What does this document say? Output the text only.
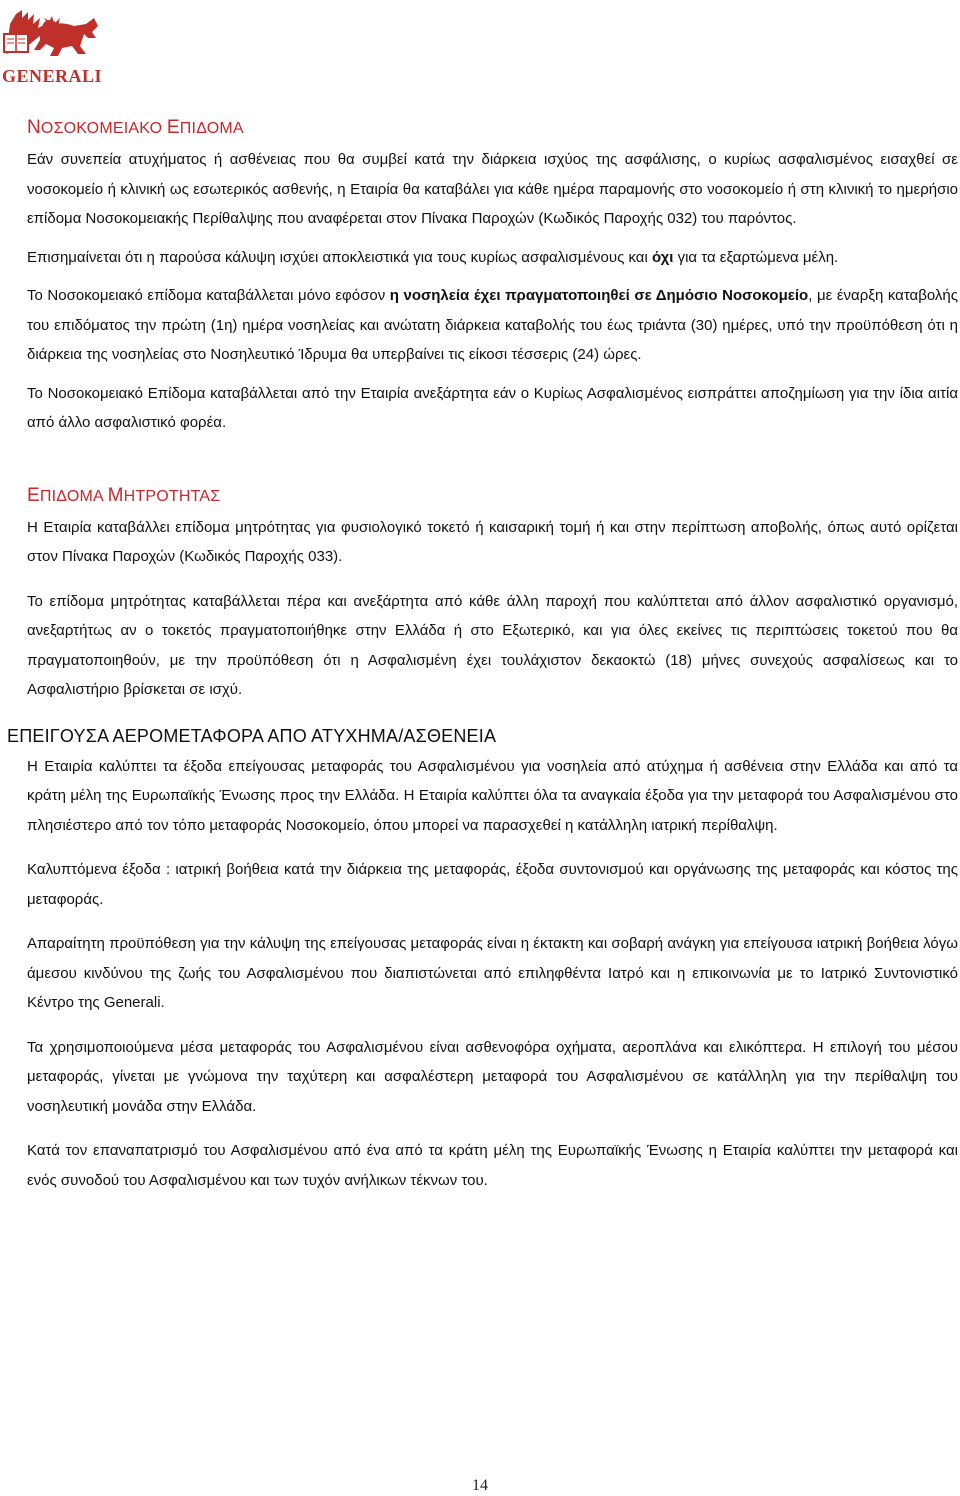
GENERALI
ΝΟΣΟΚΟΜΕΙΑΚΟ ΕΠΙΔΟΜΑ

Εάν συνεπεία ατυχήματος ή ασθένειας που θα συμβεί κατά την διάρκεια ισχύος της ασφάλισης, ο κυρίως ασφαλισμένος εισαχθεί σε νοσοκομείο ή κλινική ως εσωτερικός ασθενής, η Εταιρία θα καταβάλει για κάθε ημέρα παραμονής στο νοσοκομείο ή στη κλινική το ημερήσιο επίδομα Νοσοκομειακής Περίθαλψης που αναφέρεται στον Πίνακα Παροχών (Κωδικός Παροχής 032) του παρόντος.

Επισημαίνεται ότι η παρούσα κάλυψη ισχύει αποκλειστικά για τους κυρίως ασφαλισμένους και όχι για τα εξαρτώμενα μέλη.

Το Νοσοκομειακό επίδομα καταβάλλεται μόνο εφόσον η νοσηλεία έχει πραγματοποιηθεί σε Δημόσιο Νοσοκομείο, με έναρξη καταβολής του επιδόματος την πρώτη (1η) ημέρα νοσηλείας και ανώτατη διάρκεια καταβολής του έως τριάντα (30) ημέρες, υπό την προϋπόθεση ότι η διάρκεια της νοσηλείας στο Νοσηλευτικό Ίδρυμα θα υπερβαίνει τις είκοσι τέσσερις (24) ώρες.

Το Νοσοκομειακό Επίδομα καταβάλλεται από την Εταιρία ανεξάρτητα εάν ο Κυρίως Ασφαλισμένος εισπράττει αποζημίωση για την ίδια αιτία από άλλο ασφαλιστικό φορέα.

ΕΠΙΔΟΜΑ ΜΗΤΡΟΤΗΤΑΣ

Η Εταιρία καταβάλλει επίδομα μητρότητας για φυσιολογικό τοκετό ή καισαρική τομή ή και στην περίπτωση αποβολής, όπως αυτό ορίζεται στον Πίνακα Παροχών (Κωδικός Παροχής 033).

Το επίδομα μητρότητας καταβάλλεται πέρα και ανεξάρτητα από κάθε άλλη παροχή που καλύπτεται από άλλον ασφαλιστικό οργανισμό, ανεξαρτήτως αν ο τοκετός πραγματοποιήθηκε στην Ελλάδα ή στο Εξωτερικό, και για όλες εκείνες τις περιπτώσεις τοκετού που θα πραγματοποιηθούν, με την προϋπόθεση ότι η Ασφαλισμένη έχει τουλάχιστον δεκαοκτώ (18) μήνες συνεχούς ασφαλίσεως και το Ασφαλιστήριο βρίσκεται σε ισχύ.

ΕΠΕΙΓΟΥΣΑ ΑΕΡΟΜΕΤΑΦΟΡΑ ΑΠΟ ΑΤΥΧΗΜΑ/ΑΣΘΕΝΕΙΑ

Η Εταιρία καλύπτει τα έξοδα επείγουσας μεταφοράς του Ασφαλισμένου για νοσηλεία από ατύχημα ή ασθένεια στην Ελλάδα και από τα κράτη μέλη της Ευρωπαϊκής Ένωσης προς την Ελλάδα. Η Εταιρία καλύπτει όλα τα αναγκαία έξοδα για την μεταφορά του Ασφαλισμένου στο πλησιέστερο από τον τόπο μεταφοράς Νοσοκομείο, όπου μπορεί να παρασχεθεί η κατάλληλη ιατρική περίθαλψη.

Καλυπτόμενα έξοδα : ιατρική βοήθεια κατά την διάρκεια της μεταφοράς, έξοδα συντονισμού και οργάνωσης της μεταφοράς και κόστος της μεταφοράς.

Απαραίτητη προϋπόθεση για την κάλυψη της επείγουσας μεταφοράς είναι η έκτακτη και σοβαρή ανάγκη για επείγουσα ιατρική βοήθεια λόγω άμεσου κινδύνου της ζωής του Ασφαλισμένου που διαπιστώνεται από επιληφθέντα Ιατρό και η επικοινωνία με το Ιατρικό Συντονιστικό Κέντρο της Generali.

Τα χρησιμοποιούμενα μέσα μεταφοράς του Ασφαλισμένου είναι ασθενοφόρα οχήματα, αεροπλάνα και ελικόπτερα. Η επιλογή του μέσου μεταφοράς, γίνεται με γνώμονα την ταχύτερη και ασφαλέστερη μεταφορά του Ασφαλισμένου σε κατάλληλη για την περίθαλψη του νοσηλευτική μονάδα στην Ελλάδα.

Κατά τον επαναπατρισμό του Ασφαλισμένου από ένα από τα κράτη μέλη της Ευρωπαϊκής Ένωσης η Εταιρία καλύπτει την μεταφορά και ενός συνοδού του Ασφαλισμένου και των τυχόν ανήλικων τέκνων του.

14
